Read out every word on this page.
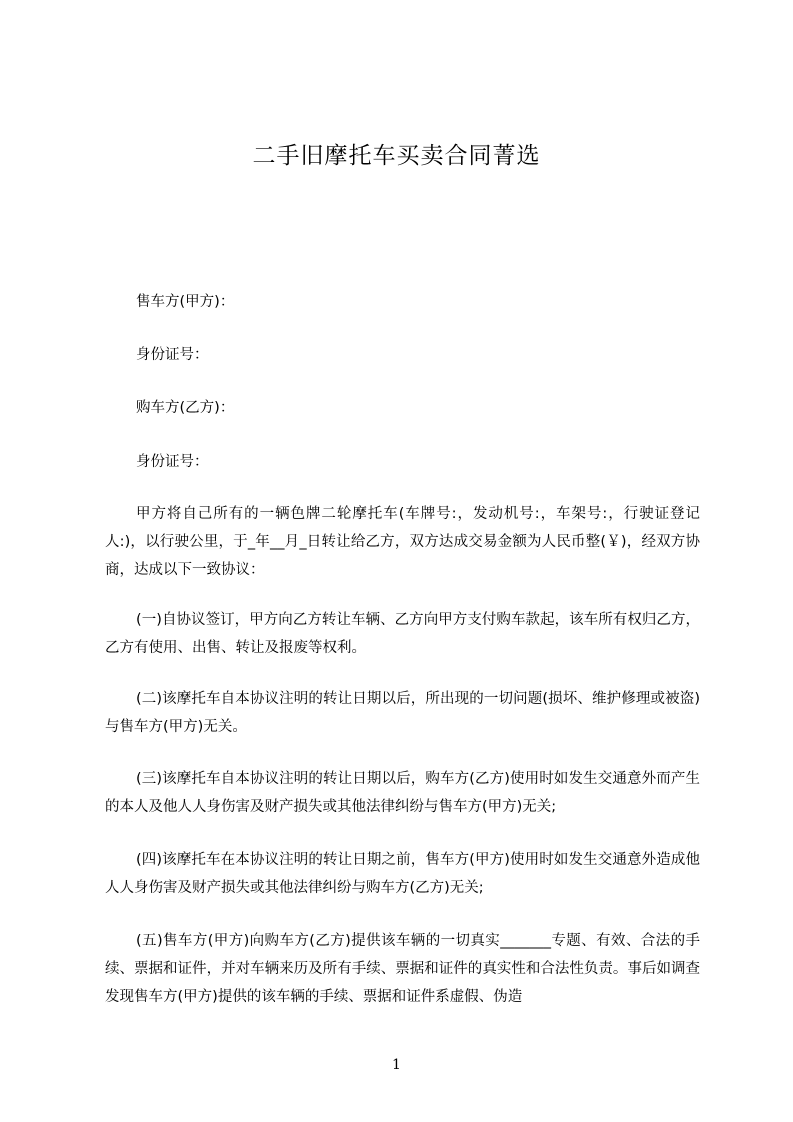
二手旧摩托车买卖合同菁选
售车方(甲方)：
身份证号：
购车方(乙方)：
身份证号：
甲方将自己所有的一辆色牌二轮摩托车(车牌号:，发动机号:，车架号:，行驶证登记人:)，以行驶公里，于_年__月_日转让给乙方，双方达成交易金额为人民币整(￥)，经双方协商，达成以下一致协议：
(一)自协议签订，甲方向乙方转让车辆、乙方向甲方支付购车款起，该车所有权归乙方，乙方有使用、出售、转让及报废等权利。
(二)该摩托车自本协议注明的转让日期以后，所出现的一切问题(损坏、维护修理或被盗)与售车方(甲方)无关。
(三)该摩托车自本协议注明的转让日期以后，购车方(乙方)使用时如发生交通意外而产生的本人及他人人身伤害及财产损失或其他法律纠纷与售车方(甲方)无关;
(四)该摩托车在本协议注明的转让日期之前，售车方(甲方)使用时如发生交通意外造成他人人身伤害及财产损失或其他法律纠纷与购车方(乙方)无关;
(五)售车方(甲方)向购车方(乙方)提供该车辆的一切真实_______专题、有效、合法的手续、票据和证件，并对车辆来历及所有手续、票据和证件的真实性和合法性负责。事后如调查发现售车方(甲方)提供的该车辆的手续、票据和证件系虚假、伪造
1
